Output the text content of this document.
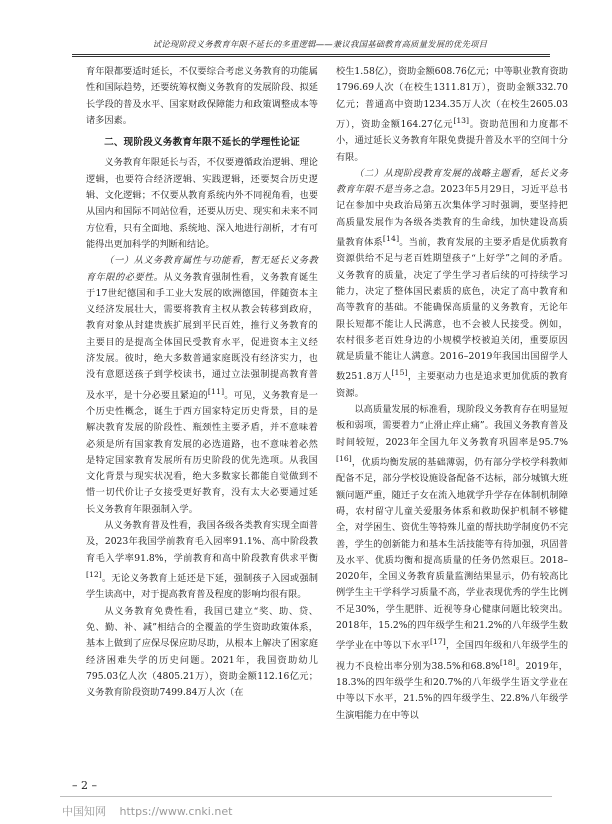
试论现阶段义务教育年限不延长的多重逻辑——兼议我国基础教育高质量发展的优先项目

育年限都要适时延长，不仅要综合考虑义务教育的功能属性和国际趋势，还要统筹权衡义务教育的发展阶段、拟延长学段的普及水平、国家财政保障能力和政策调整成本等诸多因素。

二、现阶段义务教育年限不延长的学理性论证

义务教育年限延长与否，不仅要遵循政治逻辑、理论逻辑，也要符合经济逻辑、实践逻辑，还要契合历史逻辑、文化逻辑；不仅要从教育系统内外不同视角看，也要从国内和国际不同站位看，还要从历史、现实和未来不同方位看，只有全面地、系统地、深入地进行剖析，才有可能得出更加科学的判断和结论。

（一）从义务教育属性与功能看，暂无延长义务教育年限的必要性。从义务教育强制性看，义务教育诞生于17世纪德国和手工业大发展的欧洲德国，伴随资本主义经济发展壮大，需要将教育主权从教会转移到政府，教育对象从封建贵族扩展到平民百姓，推行义务教育的主要目的是提高全体国民受教育水平，促进资本主义经济发展。彼时，绝大多数普通家庭既没有经济实力，也没有意愿送孩子到学校读书，通过立法强制提高教育普及水平，是十分必要且紧迫的[11]。可见，义务教育是一个历史性概念，诞生于西方国家特定历史背景，目的是解决教育发展的阶段性、瓶颈性主要矛盾，并不意味着必须是所有国家教育发展的必选道路，也不意味着必然是特定国家教育发展所有历史阶段的优先选项。从我国文化背景与现实状况看，绝大多数家长都能自觉做到不惜一切代价让子女接受更好教育，没有太大必要通过延长义务教育年限强制入学。

从义务教育普及性看，我国各级各类教育实现全面普及，2023年我国学前教育毛入园率91.1%、高中阶段教育毛入学率91.8%，学前教育和高中阶段教育供求平衡[12]。无论义务教育上延还是下延，强制孩子入园或强制学生读高中，对于提高教育普及程度的影响均很有限。

从义务教育免费性看，我国已建立“奖、助、贷、免、勤、补、减”相结合的全覆盖的学生资助政策体系，基本上做到了应保尽保应助尽助，从根本上解决了困家庭经济困难失学的历史问题。2021年，我国资助幼儿795.03亿人次（4805.21万），资助金额112.16亿元；义务教育阶段资助7499.84万人次（在

校生1.58亿），资助金额608.76亿元；中等职业教育资助1796.69人次（在校生1311.81万），资助金额332.70亿元；普通高中资助1234.35万人次（在校生2605.03万），资助金额164.27亿元[13]。资助范围和力度都不小，通过延长义务教育年限免费提升普及水平的空间十分有限。

（二）从现阶段教育发展的战略主题看，延长义务教育年限不是当务之急。2023年5月29日，习近平总书记在参加中央政治局第五次集体学习时强调，要坚持把高质量发展作为各级各类教育的生命线，加快建设高质量教育体系[14]。当前，教育发展的主要矛盾是优质教育资源供给不足与老百姓期望孩子“上好学”之间的矛盾。义务教育的质量，决定了学生学习者后续的可持续学习能力，决定了整体国民素质的底色，决定了高中教育和高等教育的基础。不能确保高质量的义务教育，无论年限长短都不能让人民满意，也不会被人民接受。例如，农村很多老百姓身边的小规模学校被迫关闭，重要原因就是质量不能让人满意。2016–2019年我国出国留学人数251.8万人[15]，主要驱动力也是追求更加优质的教育资源。

以高质量发展的标准看，现阶段义务教育存在明显短板和弱项，需要着力“止滑止痒止痛”。我国义务教育普及时间较短，2023年全国九年义务教育巩固率是95.7%[16]，优质均衡发展的基础薄弱，仍有部分学校学科教师配备不足，部分学校设施设备配备不达标，部分城镇大班额问题严重，随迁子女在流入地就学升学存在体制机制障碍，农村留守儿童关爱服务体系和救助保护机制不够健全，对学困生、资优生等特殊儿童的帮扶助学制度仍不完善，学生的创新能力和基本生活技能等有待加强，巩固普及水平、优质均衡和提高质量的任务仍然艰巨。2018–2020年，全国义务教育质量监测结果显示，仍有较高比例学生主干学科学习质量不高，学业表现优秀的学生比例不足30%，学生肥胖、近视等身心健康问题比较突出。2018年，15.2%的四年级学生和21.2%的八年级学生数学学业在中等以下水平[17]，全国四年级和八年级学生的视力不良检出率分别为38.5%和68.8%[18]。2019年，18.3%的四年级学生和20.7%的八年级学生语文学业在中等以下水平，21.5%的四年级学生、22.8%八年级学生演唱能力在中等以

– 2 –
中国知网 https://www.cnki.net
